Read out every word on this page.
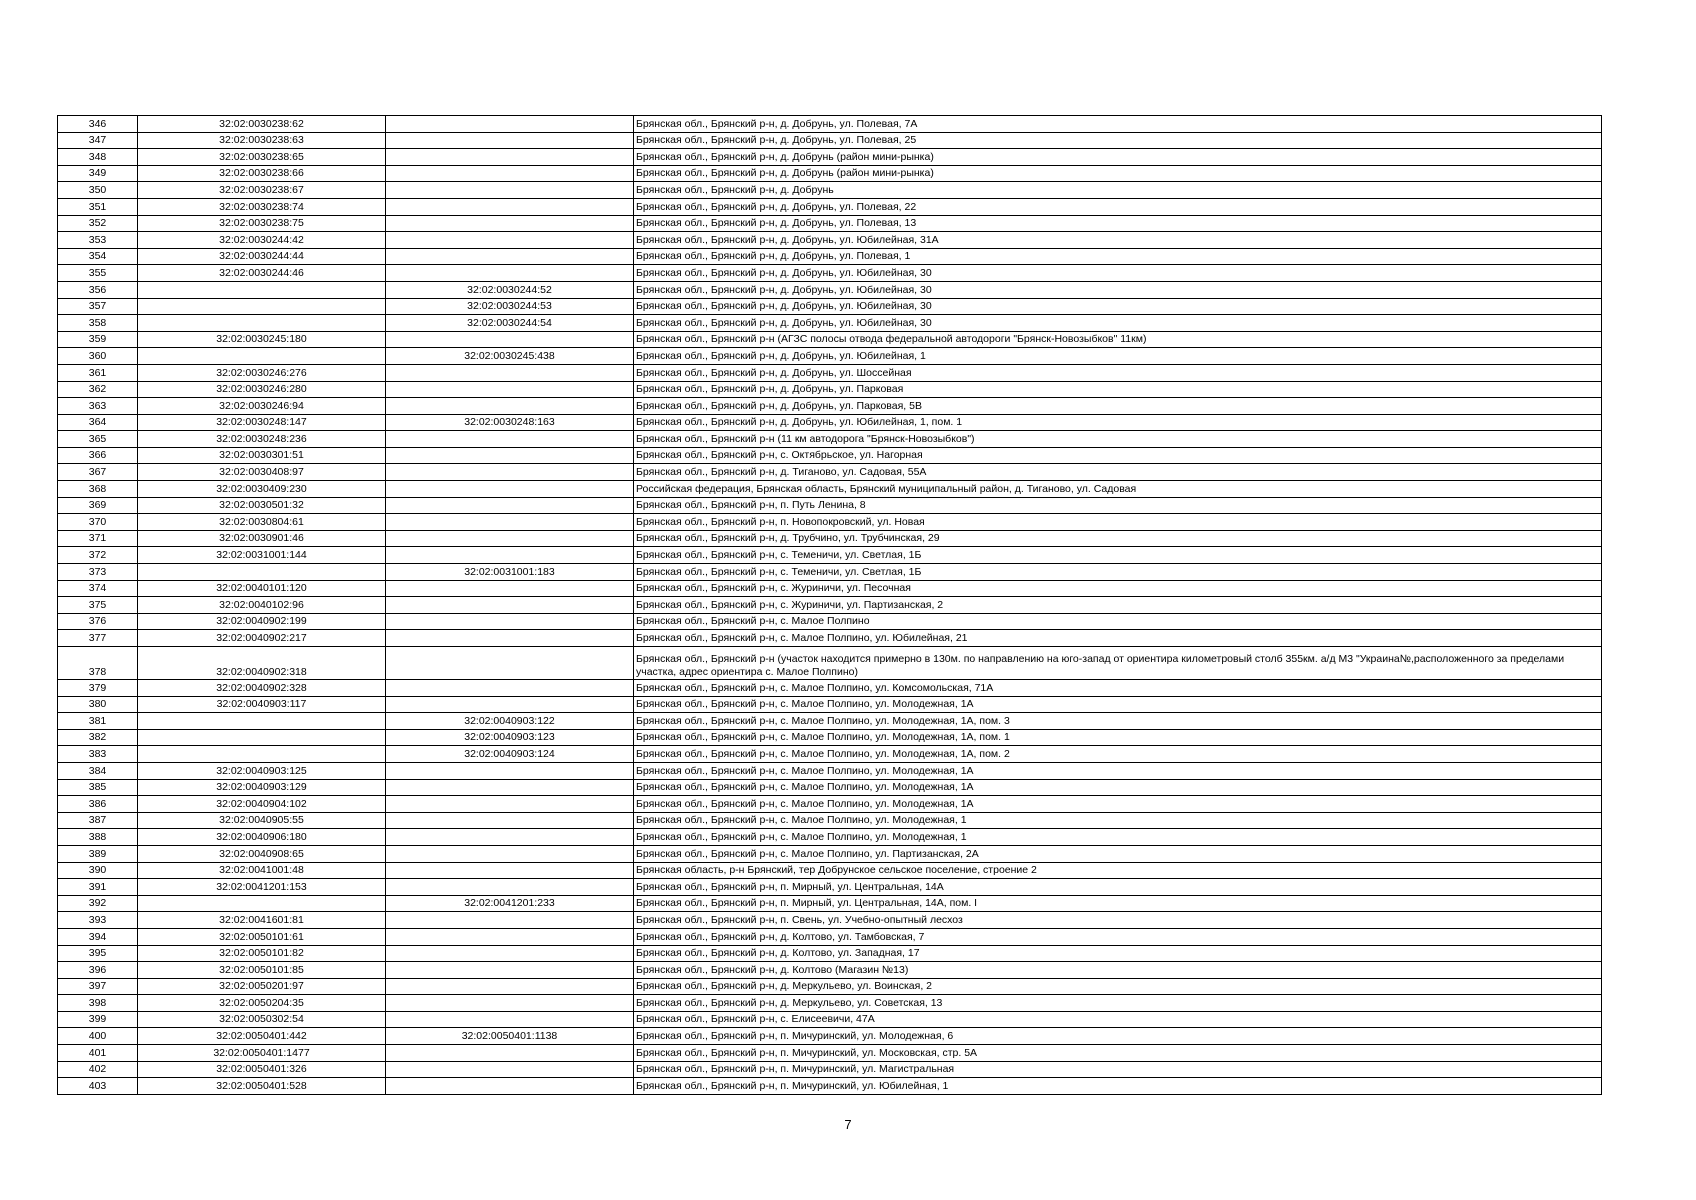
346	32:02:0030238:62		Брянская обл., Брянский р-н, д. Добрунь, ул. Полевая, 7А
347	32:02:0030238:63		Брянская обл., Брянский р-н, д. Добрунь, ул. Полевая, 25
348	32:02:0030238:65		Брянская обл., Брянский р-н, д. Добрунь (район мини-рынка)
349	32:02:0030238:66		Брянская обл., Брянский р-н, д. Добрунь (район мини-рынка)
350	32:02:0030238:67		Брянская обл., Брянский р-н, д. Добрунь
351	32:02:0030238:74		Брянская обл., Брянский р-н, д. Добрунь, ул. Полевая, 22
352	32:02:0030238:75		Брянская обл., Брянский р-н, д. Добрунь, ул. Полевая, 13
353	32:02:0030244:42		Брянская обл., Брянский р-н, д. Добрунь, ул. Юбилейная, 31А
354	32:02:0030244:44		Брянская обл., Брянский р-н, д. Добрунь, ул. Полевая, 1
355	32:02:0030244:46		Брянская обл., Брянский р-н, д. Добрунь, ул. Юбилейная, 30
356		32:02:0030244:52	Брянская обл., Брянский р-н, д. Добрунь, ул. Юбилейная, 30
357		32:02:0030244:53	Брянская обл., Брянский р-н, д. Добрунь, ул. Юбилейная, 30
358		32:02:0030244:54	Брянская обл., Брянский р-н, д. Добрунь, ул. Юбилейная, 30
359	32:02:0030245:180		Брянская обл., Брянский р-н (АГЗС полосы отвода федеральной автодороги "Брянск-Новозыбков" 11км)
360		32:02:0030245:438	Брянская обл., Брянский р-н, д. Добрунь, ул. Юбилейная, 1
361	32:02:0030246:276		Брянская обл., Брянский р-н, д. Добрунь, ул. Шоссейная
362	32:02:0030246:280		Брянская обл., Брянский р-н, д. Добрунь, ул. Парковая
363	32:02:0030246:94		Брянская обл., Брянский р-н, д. Добрунь, ул. Парковая, 5В
364	32:02:0030248:147	32:02:0030248:163	Брянская обл., Брянский р-н, д. Добрунь, ул. Юбилейная, 1, пом. 1
365	32:02:0030248:236		Брянская обл., Брянский р-н (11 км автодорога "Брянск-Новозыбков")
366	32:02:0030301:51		Брянская обл., Брянский р-н, с. Октябрьское, ул. Нагорная
367	32:02:0030408:97		Брянская обл., Брянский р-н, д. Тиганово, ул. Садовая, 55А
368	32:02:0030409:230		Российская федерация, Брянская область, Брянский муниципальный район, д. Тиганово, ул. Садовая
369	32:02:0030501:32		Брянская обл., Брянский р-н, п. Путь Ленина, 8
370	32:02:0030804:61		Брянская обл., Брянский р-н, п. Новопокровский, ул. Новая
371	32:02:0030901:46		Брянская обл., Брянский р-н, д. Трубчино, ул. Трубчинская, 29
372	32:02:0031001:144		Брянская обл., Брянский р-н, с. Теменичи, ул. Светлая, 1Б
373		32:02:0031001:183	Брянская обл., Брянский р-н, с. Теменичи, ул. Светлая, 1Б
374	32:02:0040101:120		Брянская обл., Брянский р-н, с. Журиничи, ул. Песочная
375	32:02:0040102:96		Брянская обл., Брянский р-н, с. Журиничи, ул. Партизанская, 2
376	32:02:0040902:199		Брянская обл., Брянский р-н, с. Малое Полпино
377	32:02:0040902:217		Брянская обл., Брянский р-н, с. Малое Полпино, ул. Юбилейная, 21
378	32:02:0040902:318		Брянская обл., Брянский р-н (участок находится примерно в 130м. по направлению на юго-запад от ориентира километровый столб 355км. а/д М3 "Украина№,расположенного за пределами участка, адрес ориентира с. Малое Полпино)
379	32:02:0040902:328		Брянская обл., Брянский р-н, с. Малое Полпино, ул. Комсомольская, 71А
380	32:02:0040903:117		Брянская обл., Брянский р-н, с. Малое Полпино, ул. Молодежная, 1А
381		32:02:0040903:122	Брянская обл., Брянский р-н, с. Малое Полпино, ул. Молодежная, 1А, пом. 3
382		32:02:0040903:123	Брянская обл., Брянский р-н, с. Малое Полпино, ул. Молодежная, 1А, пом. 1
383		32:02:0040903:124	Брянская обл., Брянский р-н, с. Малое Полпино, ул. Молодежная, 1А, пом. 2
384	32:02:0040903:125		Брянская обл., Брянский р-н, с. Малое Полпино, ул. Молодежная, 1А
385	32:02:0040903:129		Брянская обл., Брянский р-н, с. Малое Полпино, ул. Молодежная, 1А
386	32:02:0040904:102		Брянская обл., Брянский р-н, с. Малое Полпино, ул. Молодежная, 1А
387	32:02:0040905:55		Брянская обл., Брянский р-н, с. Малое Полпино, ул. Молодежная, 1
388	32:02:0040906:180		Брянская обл., Брянский р-н, с. Малое Полпино, ул. Молодежная, 1
389	32:02:0040908:65		Брянская обл., Брянский р-н, с. Малое Полпино, ул. Партизанская, 2А
390	32:02:0041001:48		Брянская область, р-н Брянский, тер Добрунское сельское поселение, строение 2
391	32:02:0041201:153		Брянская обл., Брянский р-н, п. Мирный, ул. Центральная, 14А
392		32:02:0041201:233	Брянская обл., Брянский р-н, п. Мирный, ул. Центральная, 14А, пом. I
393	32:02:0041601:81		Брянская обл., Брянский р-н, п. Свень, ул. Учебно-опытный лесхоз
394	32:02:0050101:61		Брянская обл., Брянский р-н, д. Колтово, ул. Тамбовская, 7
395	32:02:0050101:82		Брянская обл., Брянский р-н, д. Колтово, ул. Западная, 17
396	32:02:0050101:85		Брянская обл., Брянский р-н, д. Колтово (Магазин №13)
397	32:02:0050201:97		Брянская обл., Брянский р-н, д. Меркульево, ул. Воинская, 2
398	32:02:0050204:35		Брянская обл., Брянский р-н, д. Меркульево, ул. Советская, 13
399	32:02:0050302:54		Брянская обл., Брянский р-н, с. Елисеевичи, 47А
400	32:02:0050401:442	32:02:0050401:1138	Брянская обл., Брянский р-н, п. Мичуринский, ул. Молодежная, 6
401	32:02:0050401:1477		Брянская обл., Брянский р-н, п. Мичуринский, ул. Московская, стр. 5А
402	32:02:0050401:326		Брянская обл., Брянский р-н, п. Мичуринский, ул. Магистральная
403	32:02:0050401:528		Брянская обл., Брянский р-н, п. Мичуринский, ул. Юбилейная, 1
7
